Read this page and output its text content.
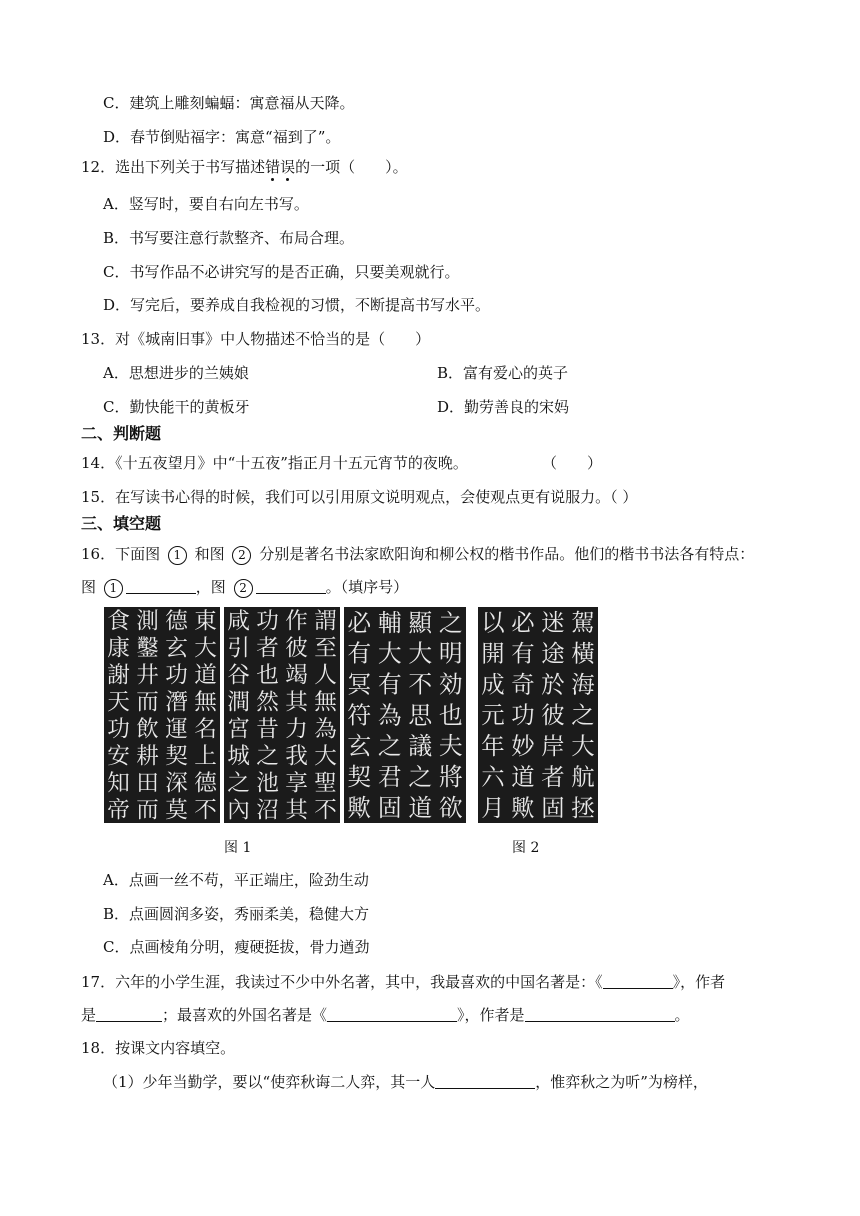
C．建筑上雕刻蝙蝠：寓意福从天降。
D．春节倒贴福字：寓意“福到了”。
12．选出下列关于书写描述错误的一项（　　）。
A．竖写时，要自右向左书写。
B．书写要注意行款整齐、布局合理。
C．书写作品不必讲究写的是否正确，只要美观就行。
D．写完后，要养成自我检视的习惯，不断提高书写水平。
13．对《城南旧事》中人物描述不恰当的是（　　）
A．思想进步的兰姨娘	B．富有爱心的英子
C．勤快能干的黄板牙	D．勤劳善良的宋妈
二、判断题
14．《十五夜望月》中“十五夜”指正月十五元宵节的夜晚。	（　　）
15．在写读书心得的时候，我们可以引用原文说明观点，会使观点更有说服力。（ ）
三、填空题
16．下面图 1 和图 2 分别是著名书法家欧阳询和柳公权的楷书作品。他们的楷书书法各有特点：
图 1	，图 2	。（填序号）
東
大
道
無
名
上
德
不
德
玄
功
潛
運
契
深
莫
測
鑿
井
而
飲
耕
田
而
食
康
謝
天
功
安
知
帝
謂
至
人
無
為
大
聖
不
作
彼
竭
其
力
我
享
其
功
者
也
然
昔
之
池
沼
咸
引
谷
澗
宮
城
之
內
之
明
効
也
夫
將
欲
顯
大
不
思
議
之
道
輔
大
有
為
之
君
固
必
有
冥
符
玄
契
歟
駕
橫
海
之
大
航
拯
迷
途
於
彼
岸
者
固
必
有
奇
功
妙
道
歟
以
開
成
元
年
六
月
图 1	图 2
A．点画一丝不苟，平正端庄，险劲生动
B．点画圆润多姿，秀丽柔美，稳健大方
C．点画棱角分明，瘦硬挺拔，骨力遒劲
17．六年的小学生涯，我读过不少中外名著，其中，我最喜欢的中国名著是：《	》，作者
是	；最喜欢的外国名著是《	》，作者是	。
18．按课文内容填空。
（1）少年当勤学，要以“使弈秋诲二人弈，其一人	，惟弈秋之为听”为榜样，
